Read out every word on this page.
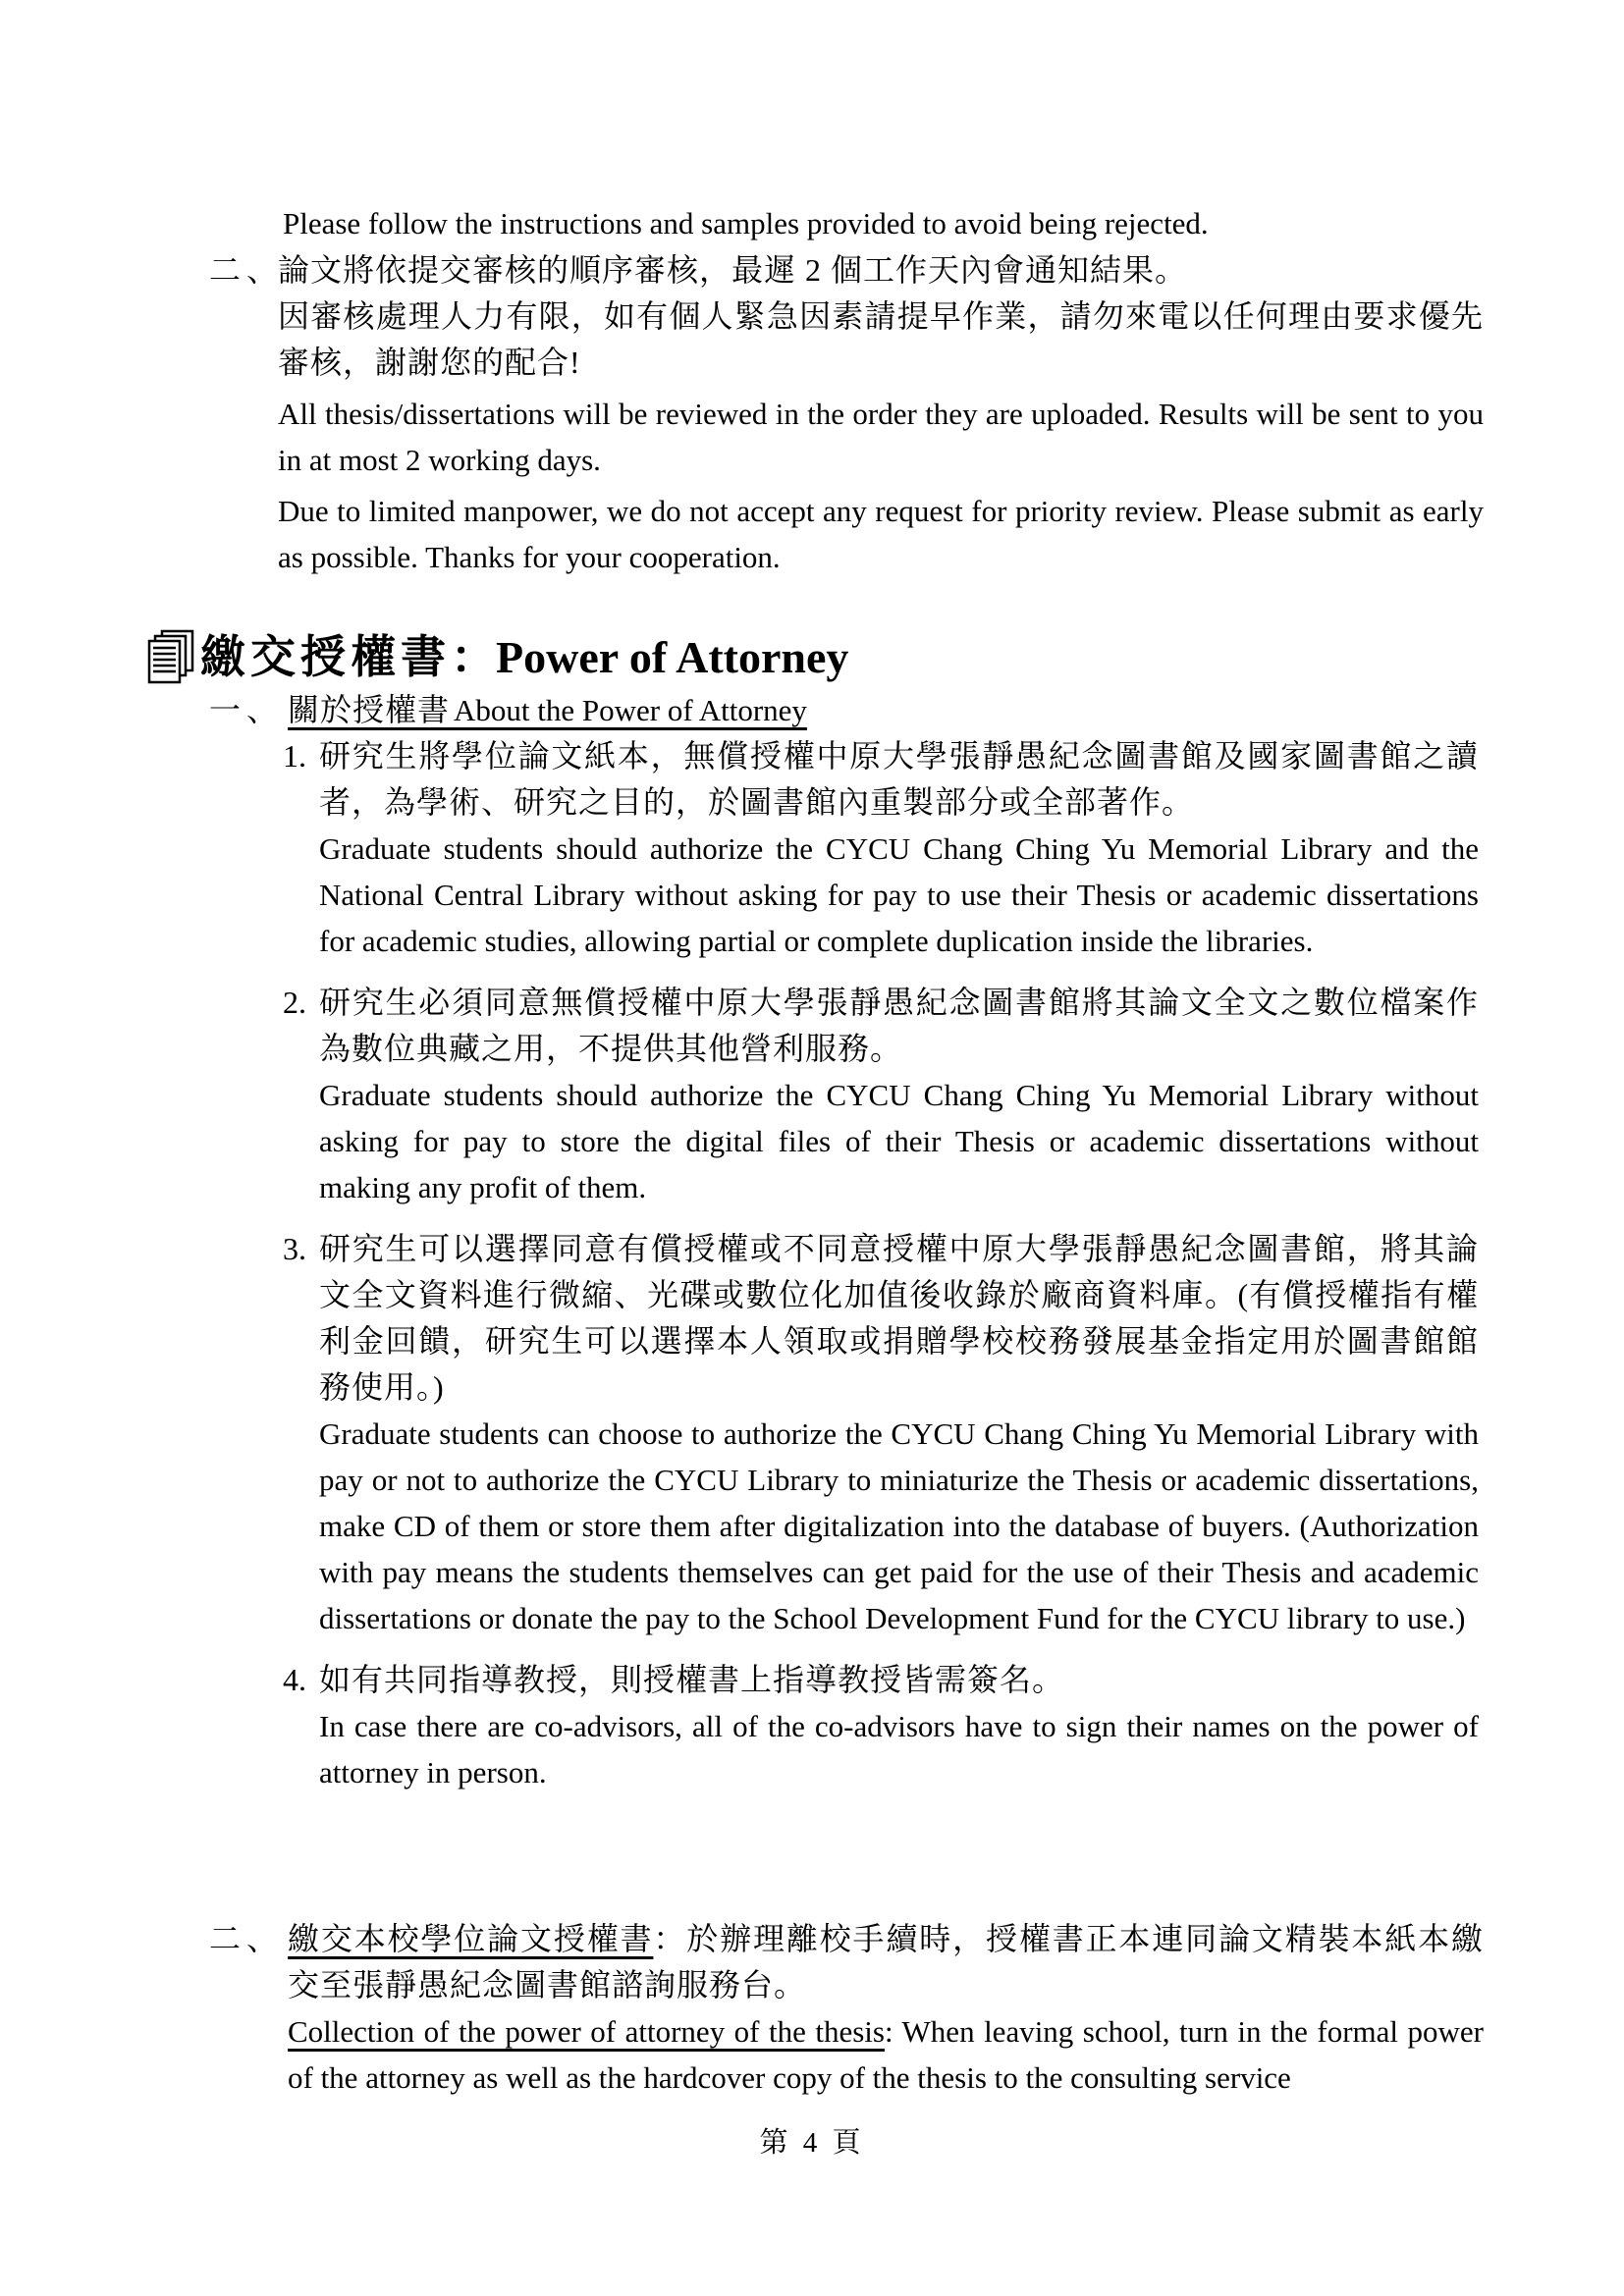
Please follow the instructions and samples provided to avoid being rejected.

二、

論文將依提交審核的順序審核，最遲 2 個工作天內會通知結果。

因審核處理人力有限，如有個人緊急因素請提早作業，請勿來電以任何理由要求優先審核，謝謝您的配合!

All thesis/dissertations will be reviewed in the order they are uploaded. Results will be sent to you in at most 2 working days.

Due to limited manpower, we do not accept any request for priority review. Please submit as early as possible. Thanks for your cooperation.

繳交授權書 ： Power of Attorney
一、 關於授權書 About the Power of Attorney
1. 研究生將學位論文紙本，無償授權中原大學張靜愚紀念圖書館及國家圖書館之讀者，為學術、研究之目的，於圖書館內重製部分或全部著作。

Graduate students should authorize the CYCU Chang Ching Yu Memorial Library and the National Central Library without asking for pay to use their Thesis or academic dissertations for academic studies, allowing partial or complete duplication inside the libraries.

2. 研究生必須同意無償授權中原大學張靜愚紀念圖書館將其論文全文之數位檔案作為數位典藏之用，不提供其他營利服務。

Graduate students should authorize the CYCU Chang Ching Yu Memorial Library without asking for pay to store the digital files of their Thesis or academic dissertations without making any profit of them.

3. 研究生可以選擇同意有償授權或不同意授權中原大學張靜愚紀念圖書館，將其論文全文資料進行微縮、光碟或數位化加值後收錄於廠商資料庫。(有償授權指有權利金回饋，研究生可以選擇本人領取或捐贈學校校務發展基金指定用於圖書館館務使用。)

Graduate students can choose to authorize the CYCU Chang Ching Yu Memorial Library with pay or not to authorize the CYCU Library to miniaturize the Thesis or academic dissertations, make CD of them or store them after digitalization into the database of buyers. (Authorization with pay means the students themselves can get paid for the use of their Thesis and academic dissertations or donate the pay to the School Development Fund for the CYCU library to use.)

4. 如有共同指導教授，則授權書上指導教授皆需簽名。

In case there are co-advisors, all of the co-advisors have to sign their names on the power of attorney in person.

二、 繳交本校學位論文授權書：於辦理離校手續時，授權書正本連同論文精裝本紙本繳交至張靜愚紀念圖書館諮詢服務台。

Collection of the power of attorney of the thesis: When leaving school, turn in the formal power of the attorney as well as the hardcover copy of the thesis to the consulting service

第 4 頁
